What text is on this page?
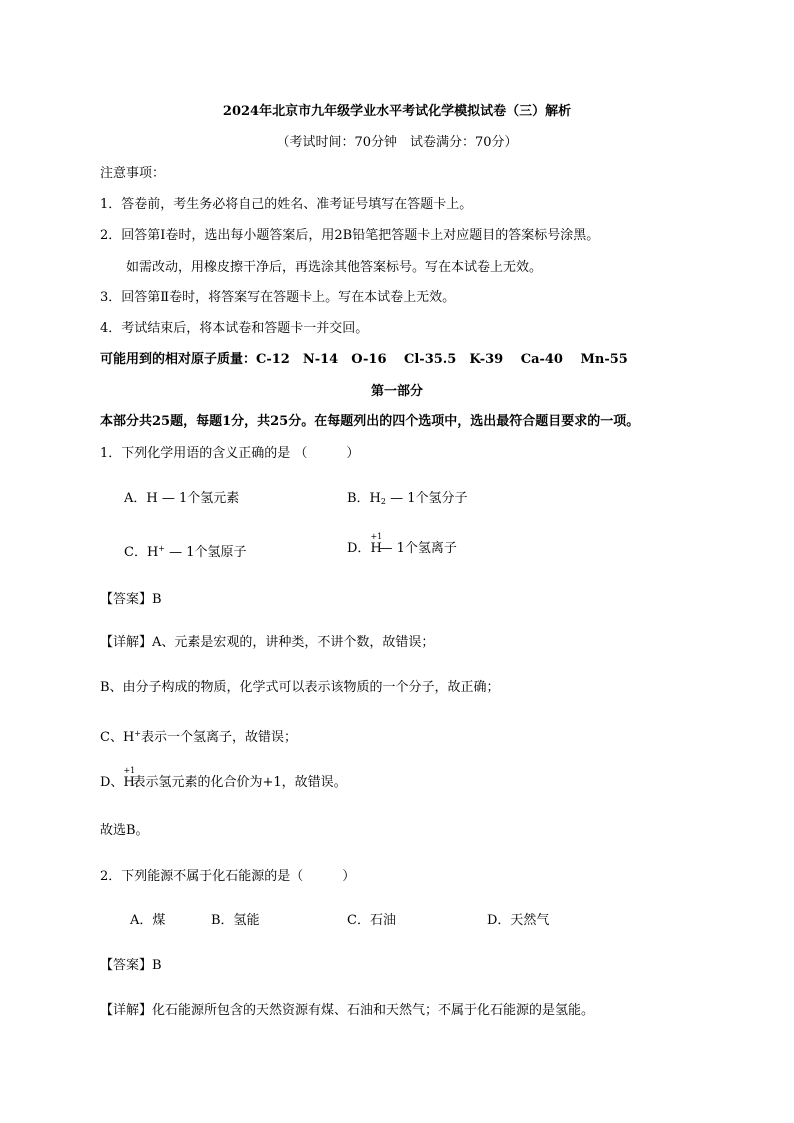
2024年北京市九年级学业水平考试化学模拟试卷（三）解析
（考试时间：70分钟　试卷满分：70分）
注意事项：
1．答卷前，考生务必将自己的姓名、准考证号填写在答题卡上。
2．回答第Ⅰ卷时，选出每小题答案后，用2B铅笔把答题卡上对应题目的答案标号涂黑。
如需改动，用橡皮擦干净后，再选涂其他答案标号。写在本试卷上无效。
3．回答第Ⅱ卷时，将答案写在答题卡上。写在本试卷上无效。
4．考试结束后，将本试卷和答题卡一并交回。
可能用到的相对原子质量：C-12　N-14　O-16　 Cl-35.5　K-39　 Ca-40　 Mn-55
第一部分
本部分共25题，每题1分，共25分。在每题列出的四个选项中，选出最符合题目要求的一项。
1．下列化学用语的含义正确的是 （　　　）
A．H — 1个氢元素	B．$H_2$ — 1个氢分子
C．H+ — 1个氢原子	D．
+1
H— 1个氢离子
【答案】B
【详解】A、元素是宏观的，讲种类，不讲个数，故错误；
B、由分子构成的物质，化学式可以表示该物质的一个分子，故正确；
C、H+表示一个氢离子，故错误；
D、
+1
H表示氢元素的化合价为+1，故错误。
故选B。
2．下列能源不属于化石能源的是（　　　）
A．煤	B．氢能	C．石油	D．天然气
【答案】B
【详解】化石能源所包含的天然资源有煤、石油和天然气；不属于化石能源的是氢能。
